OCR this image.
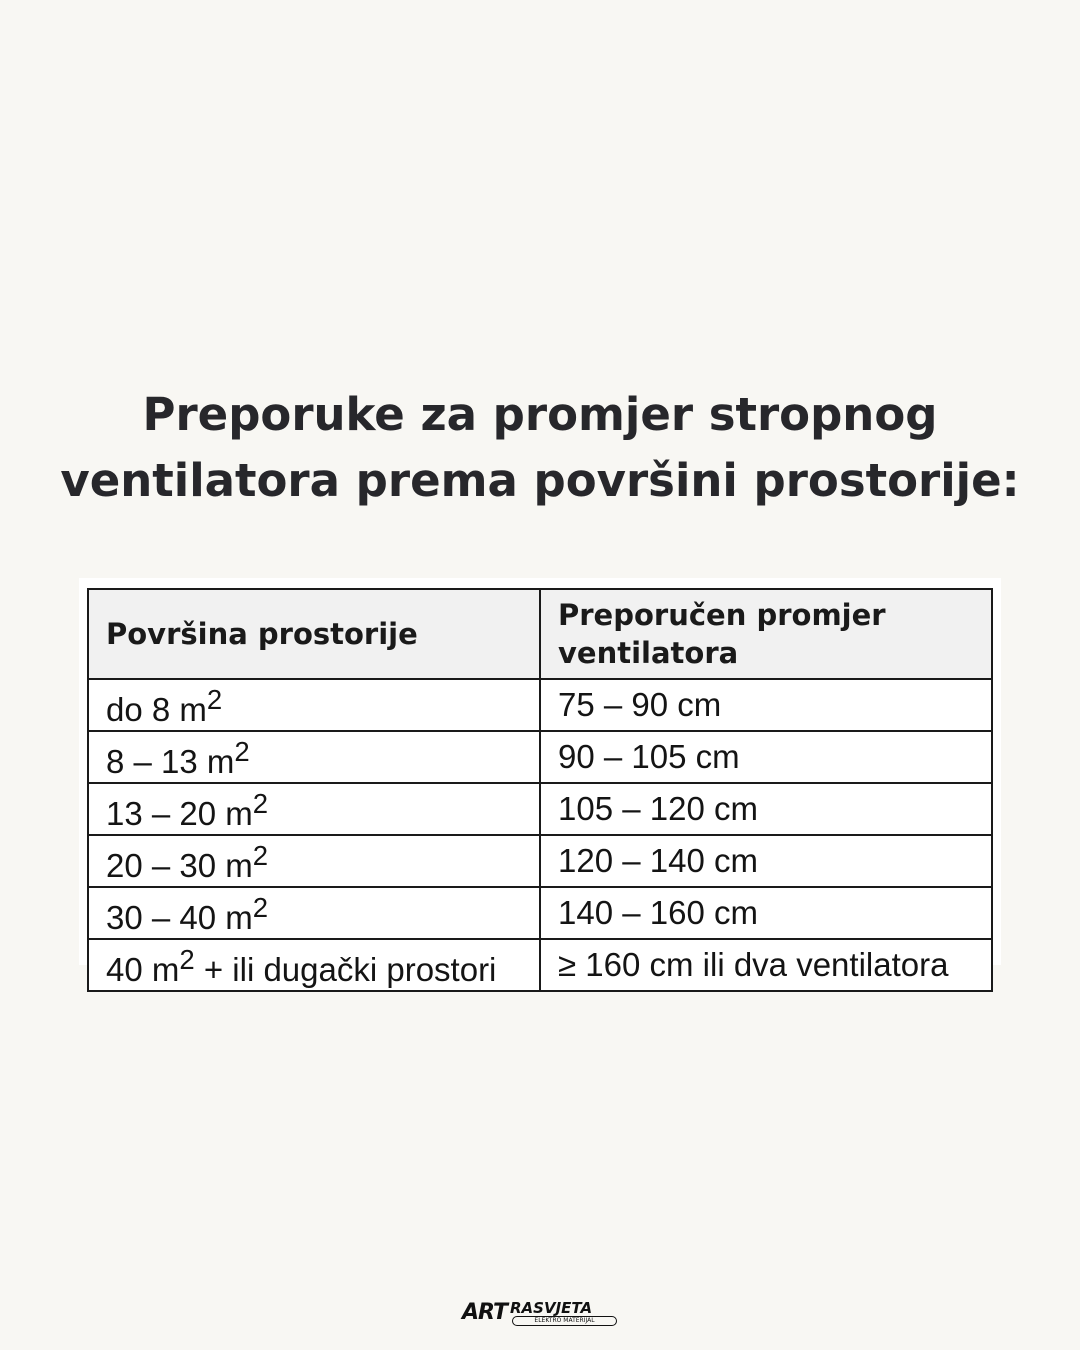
Preporuke za promjer stropnog
ventilatora prema površini prostorije:
Površina prostorije	Preporučen promjer
ventilatora

do 8 $m^2$	75 – 90 cm
8 – 13 $m^2$	90 – 105 cm
13 – 20 $m^2$	105 – 120 cm
20 – 30 $m^2$	120 – 140 cm
30 – 40 $m^2$	140 – 160 cm
40 $m^2$ + ili dugački prostori	≥ 160 cm ili dva ventilatora
ART RASVJETA
ELEKTRO MATERIJAL
